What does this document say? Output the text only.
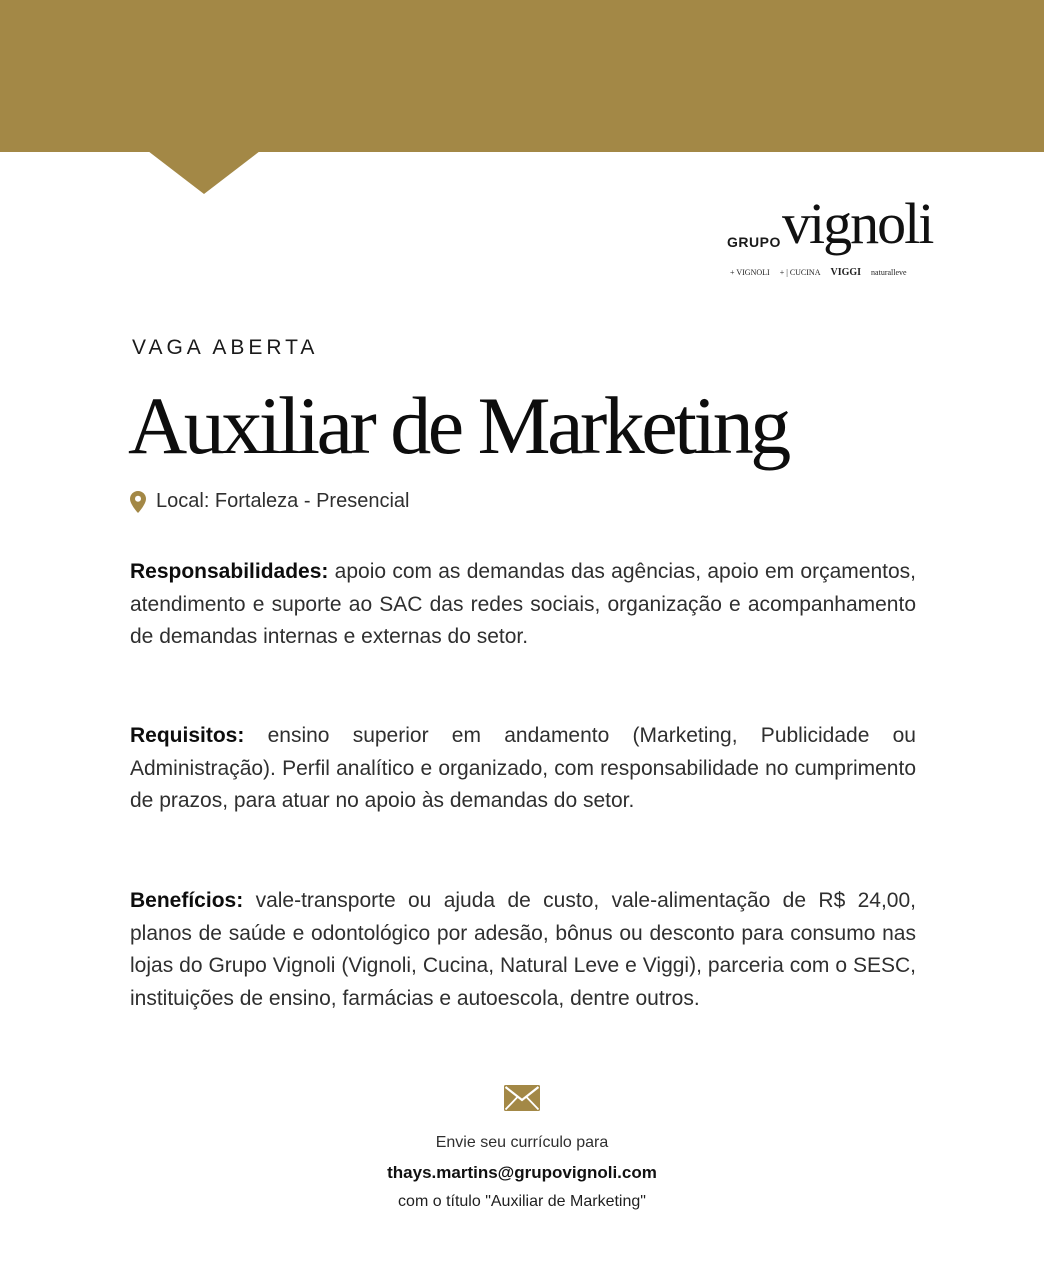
GRUPO vignoli
+ VIGNOLI + | CUCINA VIGGI naturalleve
VAGA ABERTA
Auxiliar de Marketing
Local: Fortaleza - Presencial
Responsabilidades: apoio com as demandas das agências, apoio em orçamentos, atendimento e suporte ao SAC das redes sociais, organização e acompanhamento de demandas internas e externas do setor.
Requisitos: ensino superior em andamento (Marketing, Publicidade ou Administração). Perfil analítico e organizado, com responsabilidade no cumprimento de prazos, para atuar no apoio às demandas do setor.
Benefícios: vale-transporte ou ajuda de custo, vale-alimentação de R$ 24,00, planos de saúde e odontológico por adesão, bônus ou desconto para consumo nas lojas do Grupo Vignoli (Vignoli, Cucina, Natural Leve e Viggi), parceria com o SESC, instituições de ensino, farmácias e autoescola, dentre outros.
Envie seu currículo para
thays.martins@grupovignoli.com
com o título "Auxiliar de Marketing"
